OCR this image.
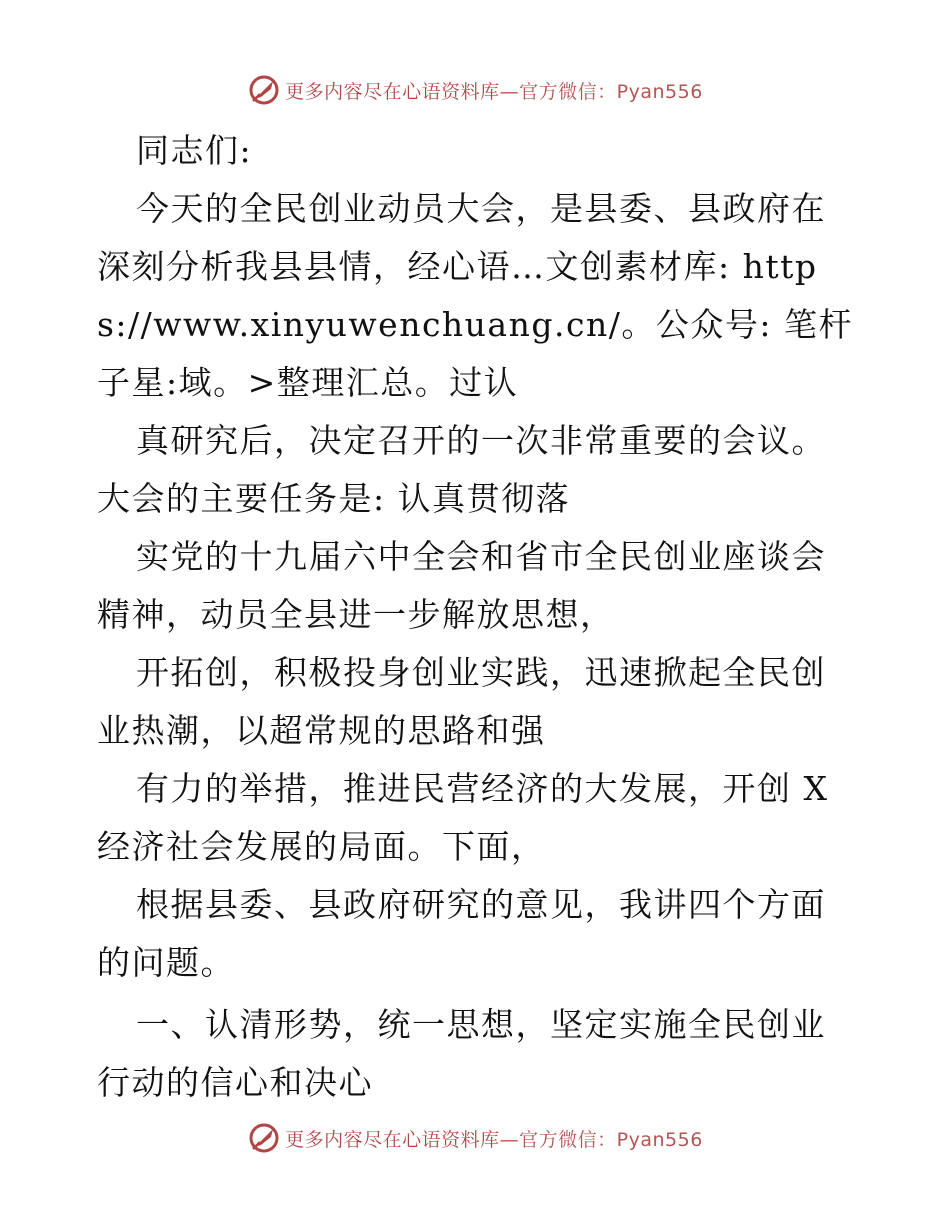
更多内容尽在心语资料库—官方微信：Pyan556

同志们:

今天的全民创业动员大会，是县委、县政府在深刻分析我县县情，经心语…文创素材库: https://www.xinyuwenchuang.cn/。公众号: 笔杆子星:域。>整理汇总。过认

真研究后，决定召开的一次非常重要的会议。大会的主要任务是: 认真贯彻落

实党的十九届六中全会和省市全民创业座谈会精神，动员全县进一步解放思想，

开拓创，积极投身创业实践，迅速掀起全民创业热潮，以超常规的思路和强

有力的举措，推进民营经济的大发展，开创 X 经济社会发展的局面。下面，

根据县委、县政府研究的意见，我讲四个方面的问题。

一、认清形势，统一思想，坚定实施全民创业行动的信心和决心

更多内容尽在心语资料库—官方微信：Pyan556
